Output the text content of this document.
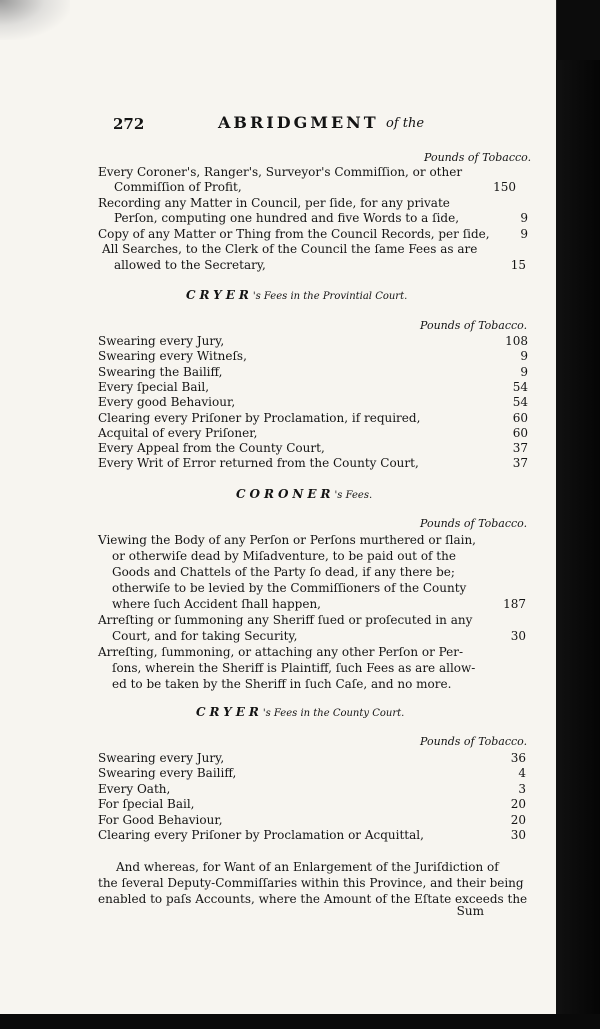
272	ABRIDGMENT of the
Pounds of Tobacco.
Every Coroner's, Ranger's, Surveyor's Commiſſion, or other
Commiſſion of Profit,	150
Recording any Matter in Council, per ſide, for any private
Perſon, computing one hundred and five Words to a ſide,	9
Copy of any Matter or Thing from the Council Records, per ſide,	9
All Searches, to the Clerk of the Council the ſame Fees as are
allowed to the Secretary,	15
CRYER's Fees in the Provintial Court.
Pounds of Tobacco.
Swearing every Jury,	108
Swearing every Witneſs,	9
Swearing the Bailiff,	9
Every ſpecial Bail,	54
Every good Behaviour,	54
Clearing every Priſoner by Proclamation, if required,	60
Acquital of every Priſoner,	60
Every Appeal from the County Court,	37
Every Writ of Error returned from the County Court,	37
CORONER's Fees.
Pounds of Tobacco.
Viewing the Body of any Perſon or Perſons murthered or ſlain,
or otherwiſe dead by Miſadventure, to be paid out of the
Goods and Chattels of the Party ſo dead, if any there be;
otherwiſe to be levied by the Commiſſioners of the County
where ſuch Accident ſhall happen,	187
Arreſting or ſummoning any Sheriff ſued or proſecuted in any
Court, and for taking Security,	30
Arreſting, ſummoning, or attaching any other Perſon or Per-
ſons, wherein the Sheriff is Plaintiff, ſuch Fees as are allow-
ed to be taken by the Sheriff in ſuch Caſe, and no more.
CRYER's Fees in the County Court.
Pounds of Tobacco.
Swearing every Jury,	36
Swearing every Bailiff,	4
Every Oath,	3
For ſpecial Bail,	20
For Good Behaviour,	20
Clearing every Priſoner by Proclamation or Acquittal,	30
And whereas, for Want of an Enlargement of the Juriſdiction of
the ſeveral Deputy-Commiſſaries within this Province, and their being
enabled to paſs Accounts, where the Amount of the Eſtate exceeds the
Sum
